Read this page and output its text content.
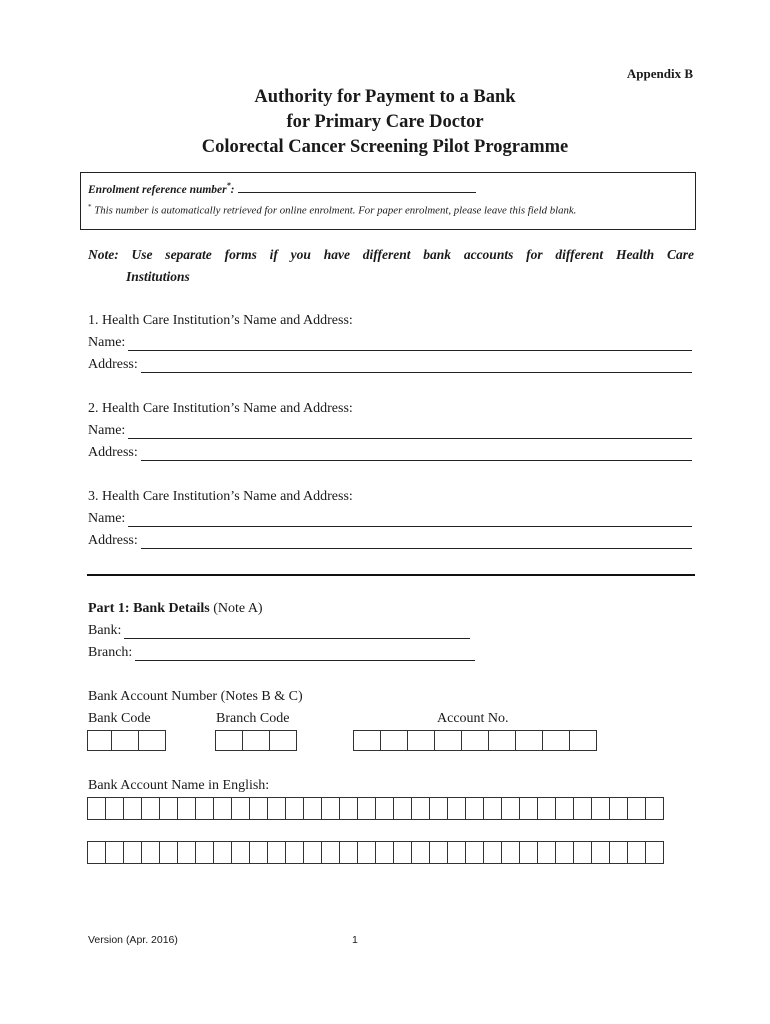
Appendix B
Authority for Payment to a Bank
for Primary Care Doctor
Colorectal Cancer Screening Pilot Programme
Enrolment reference number*:
* This number is automatically retrieved for online enrolment. For paper enrolment, please leave this field blank.
Note: Use separate forms if you have different bank accounts for different Health Care
Institutions
1. Health Care Institution’s Name and Address:
Name:
Address:
2. Health Care Institution’s Name and Address:
Name:
Address:
3. Health Care Institution’s Name and Address:
Name:
Address:
Part 1: Bank Details (Note A)
Bank:
Branch:
Bank Account Number (Notes B & C)
Bank Code	Branch Code	Account No.
Bank Account Name in English:
Version (Apr. 2016)	1
